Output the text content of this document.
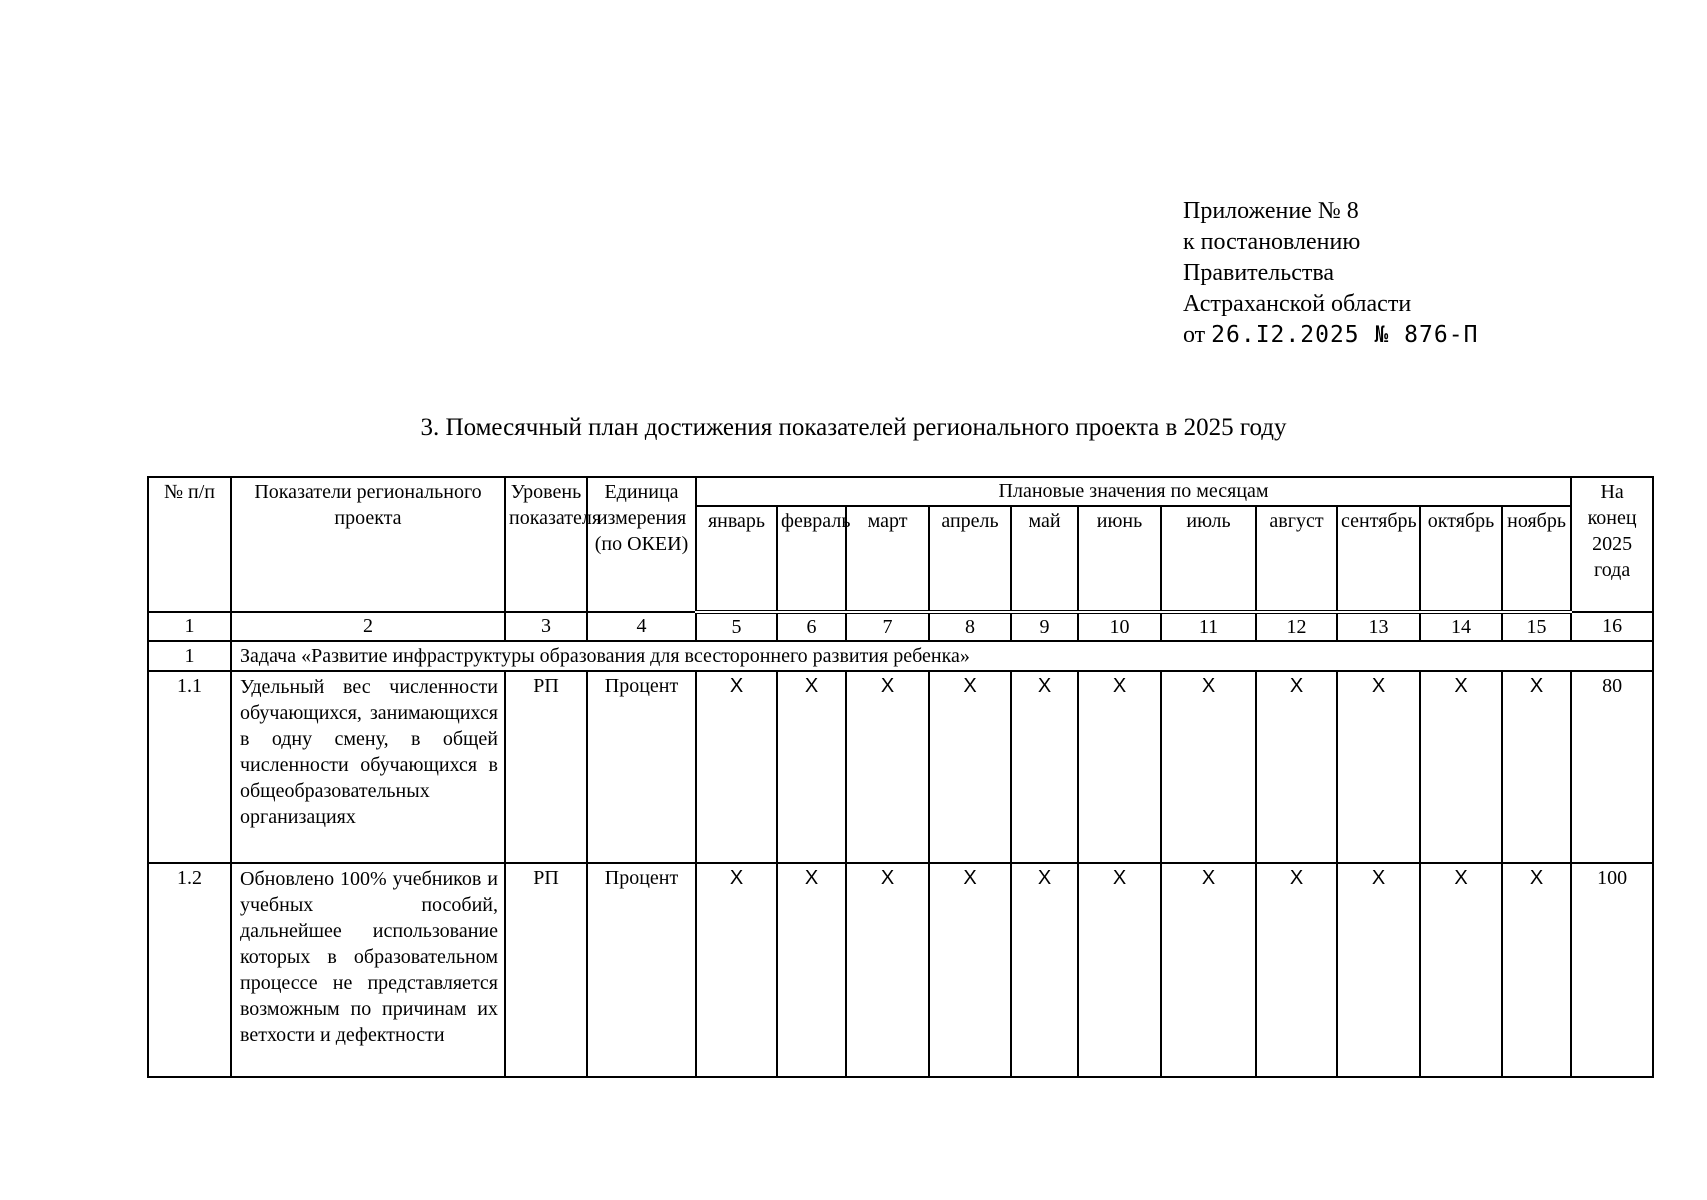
Приложение № 8
к постановлению
Правительства
Астраханской области
от 26.I2.2025 № 876-П
3. Помесячный план достижения показателей регионального проекта в 2025 году
№ п/п	Показатели регионального проекта	Уровень показателя	Единица измерения (по ОКЕИ)	Плановые значения по месяцам											На конец 2025 года
				январь	февраль	март	апрель	май	июнь	июль	август	сентябрь	октябрь	ноябрь	
1	2	3	4	5	6	7	8	9	10	11	12	13	14	15	16
1	Задача «Развитие инфраструктуры образования для всестороннего развития ребенка»														
1.1	Удельный вес численности обучающихся, занимающихся в одну смену, в общей численности обучающихся в общеобразовательных организациях	РП	Процент	X	X	X	X	X	X	X	X	X	X	X	80
1.2	Обновлено 100% учебников и учебных пособий, дальнейшее использование которых в образовательном процессе не представляется возможным по причинам их ветхости и дефектности	РП	Процент	X	X	X	X	X	X	X	X	X	X	X	100
